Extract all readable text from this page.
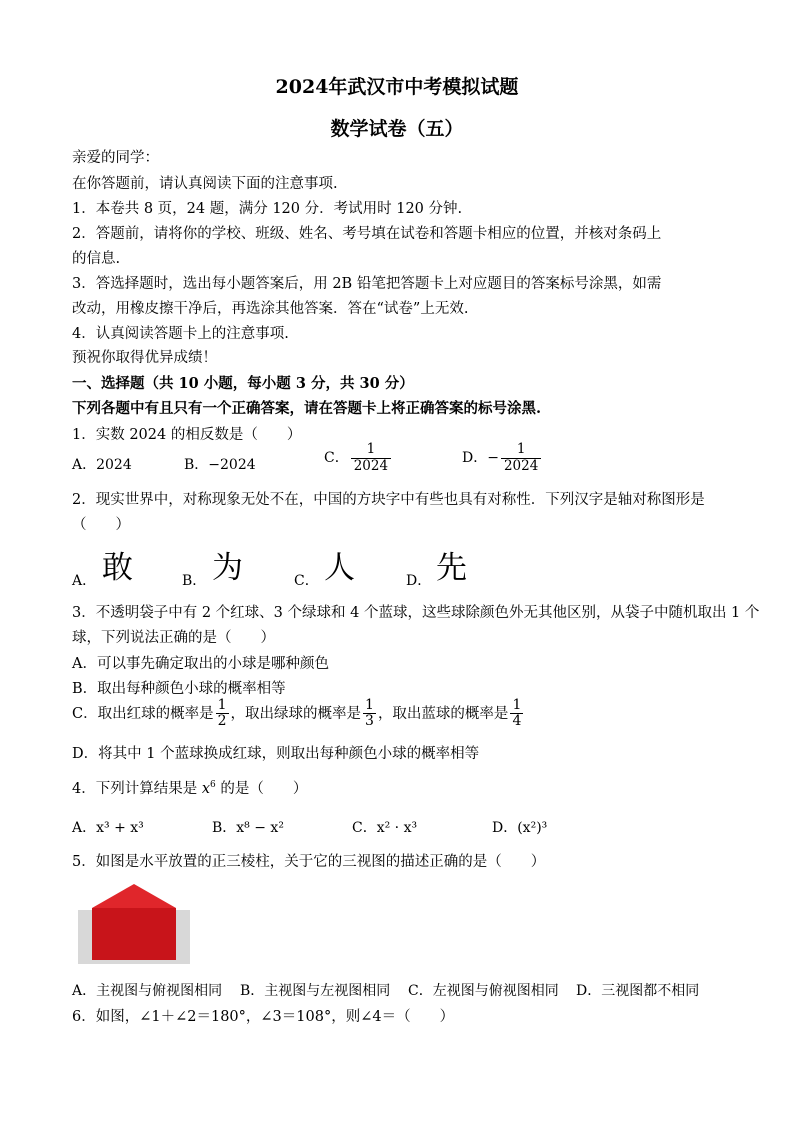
2024年武汉市中考模拟试题
数学试卷（五）
亲爱的同学：
在你答题前，请认真阅读下面的注意事项.
1．本卷共 8 页，24 题，满分 120 分．考试用时 120 分钟.
2．答题前，请将你的学校、班级、姓名、考号填在试卷和答题卡相应的位置，并核对条码上
的信息.
3．答选择题时，选出每小题答案后，用 2B 铅笔把答题卡上对应题目的答案标号涂黑，如需
改动，用橡皮擦干净后，再选涂其他答案．答在“试卷”上无效.
4．认真阅读答题卡上的注意事项.
预祝你取得优异成绩！
一、选择题（共 10 小题，每小题 3 分，共 30 分）
下列各题中有且只有一个正确答案，请在答题卡上将正确答案的标号涂黑.
1．实数 2024 的相反数是（　　）
A．2024	B．−2024	C． $\frac{1}{2024}$	D．− $\frac{1}{2024}$
2．现实世界中，对称现象无处不在，中国的方块字中有些也具有对称性．下列汉字是轴对称图形是
（　　）
A． 敢	B． 为	C． 人	D． 先
3．不透明袋子中有 2 个红球、3 个绿球和 4 个蓝球，这些球除颜色外无其他区别，从袋子中随机取出 1 个
球，下列说法正确的是（　　）
A．可以事先确定取出的小球是哪种颜色
B．取出每种颜色小球的概率相等
C．取出红球的概率是 $\frac{1}{2}$ ，取出绿球的概率是 $\frac{1}{3}$ ，取出蓝球的概率是 $\frac{1}{4}$
D．将其中 1 个蓝球换成红球，则取出每种颜色小球的概率相等
4．下列计算结果是 $x^6$ 的是（　　）
A．x³ + x³	B．x⁸ − x²	C．x² · x³	D．(x²)³
5．如图是水平放置的正三棱柱，关于它的三视图的描述正确的是（　　）
A．主视图与俯视图相同 B．主视图与左视图相同 C．左视图与俯视图相同 D．三视图都不相同
6．如图，∠1＋∠2＝180°，∠3＝108°，则∠4＝（　　）
